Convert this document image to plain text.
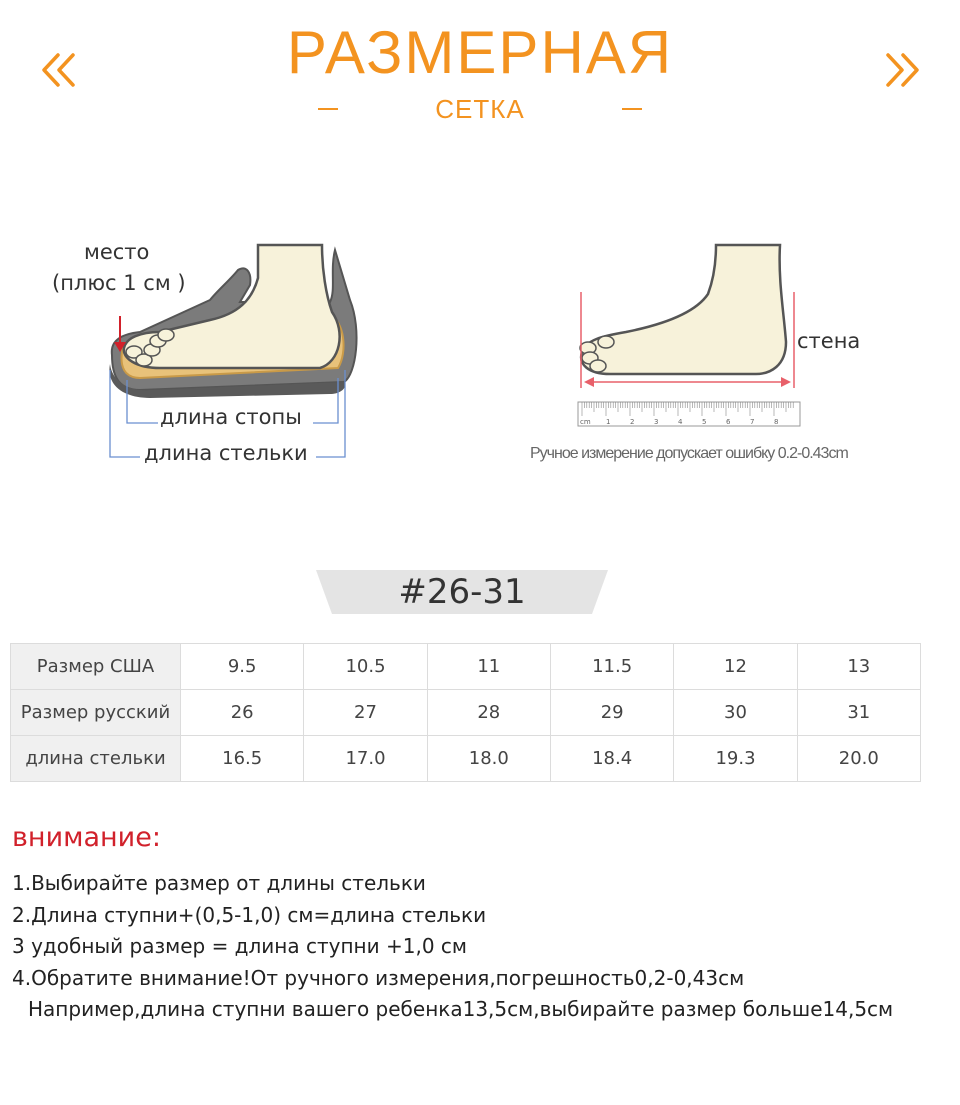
РАЗМЕРНАЯ
СЕТКА
место
(плюс 1 см )
длина стопы
длина стельки
cm 1	2	3	4	5	6	7	8
стена
Ручное измерение допускает ошибку 0.2-0.43cm
#26-31
Размер США	9.5	10.5	11	11.5	12	13
Размер русский	26	27	28	29	30	31
длина стельки	16.5	17.0	18.0	18.4	19.3	20.0
внимание:
1.Выбирайте размер от длины стельки
2.Длина ступни+(0,5-1,0) см=длина стельки
3 удобный размер = длина ступни +1,0 см
4.Обратите внимание!От ручного измерения,погрешность0,2-0,43см
Например,длина ступни вашего ребенка13,5см,выбирайте размер больше14,5см
